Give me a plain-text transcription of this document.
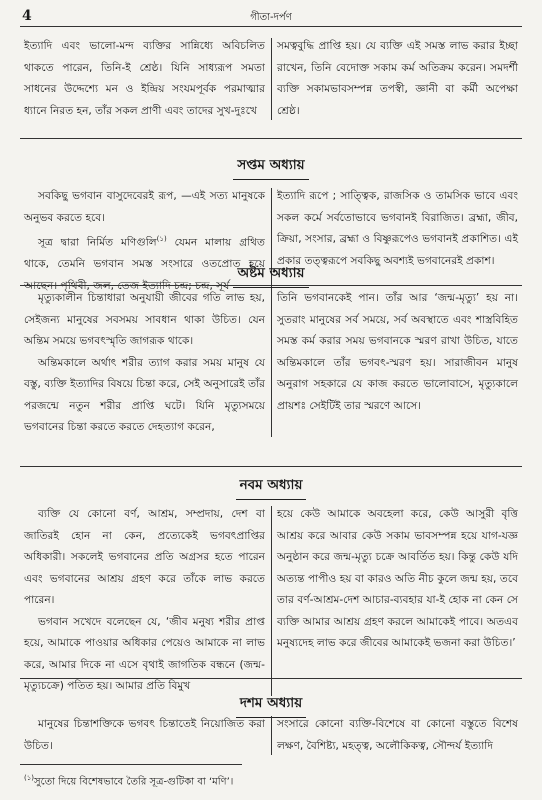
4	গীতা-দর্পণ

ইত্যাদি এবং ভালো-মন্দ ব্যক্তির সান্নিধ্যে অবিচলিত থাকতে পারেন, তিনি-ই শ্রেষ্ঠ। যিনি সাধ্যরূপ সমতা সাধনের উদ্দেশ্যে মন ও ইন্দ্রিয় সংযমপূর্বক পরমাত্মার ধ্যানে নিরত হন, তাঁর সকল প্রাণী এবং তাদের সুখ-দুঃখে

সমত্ববুদ্ধি প্রাপ্তি হয়। যে ব্যক্তি এই সমস্ত লাভ করার ইচ্ছা রাখেন, তিনি বেদোক্ত সকাম কর্ম অতিক্রম করেন। সমদর্শী ব্যক্তি সকামভাবসম্পন্ন তপস্বী, জ্ঞানী বা কর্মী অপেক্ষা শ্রেষ্ঠ।

সপ্তম অধ্যায়

সবকিছু ভগবান বাসুদেবেরই রূপ, —এই সত্য মানুষকে অনুভব করতে হবে।

সূত্র দ্বারা নির্মিত মণিগুলি$^{(১)}$ যেমন মালায় গ্রথিত থাকে, তেমনি ভগবান সমস্ত সংসারে ওতপ্রোত হয়ে আছেন। পৃথিবী, জল, তেজ ইত্যাদি চন্দ্র; চন্দ্র, সূর্য

ইত্যাদি রূপে ; সাত্ত্বিক, রাজসিক ও তামসিক ভাবে এবং সকল কর্মে সর্বতোভাবে ভগবানই বিরাজিত। ব্রহ্মা, জীব, ক্রিয়া, সংসার, ব্রহ্মা ও বিষ্ণুরূপেও ভগবানই প্রকাশিত। এই প্রকার তত্ত্বরূপে সবকিছু অবশ্যই ভগবানেরই প্রকাশ।

অষ্টম অধ্যায়

মৃত্যুকালীন চিন্তাধারা অনুযায়ী জীবের গতি লাভ হয়, সেইজন্য মানুষের সবসময় সাবধান থাকা উচিত। যেন অন্তিম সময়ে ভগবৎস্মৃতি জাগরূক থাকে।

অন্তিমকালে অর্থাৎ শরীর ত্যাগ করার সময় মানুষ যে বস্তু, ব্যক্তি ইত্যাদির বিষয়ে চিন্তা করে, সেই অনুসারেই তাঁর পরজন্মে নতুন শরীর প্রাপ্তি ঘটে। যিনি মৃত্যুসময়ে ভগবানের চিন্তা করতে করতে দেহত্যাগ করেন,

তিনি ভগবানকেই পান। তাঁর আর ‘জন্ম-মৃত্যু’ হয় না। সুতরাং মানুষের সর্ব সময়ে, সর্ব অবস্থাতে এবং শাস্ত্রবিহিত সমস্ত কর্ম করার সময় ভগবানকে স্মরণ রাখা উচিত, যাতে অন্তিমকালে তাঁর ভগবৎ-স্মরণ হয়। সারাজীবন মানুষ অনুরাগ সহকারে যে কাজ করতে ভালোবাসে, মৃত্যুকালে প্রায়শঃ সেইটিই তার স্মরণে আসে।

নবম অধ্যায়

ব্যক্তি যে কোনো বর্ণ, আশ্রম, সম্প্রদায়, দেশ বা জাতিরই হোন না কেন, প্রত্যেকেই ভগবৎপ্রাপ্তির অধিকারী। সকলেই ভগবানের প্রতি অগ্রসর হতে পারেন এবং ভগবানের আশ্রয় গ্রহণ করে তাঁকে লাভ করতে পারেন।

ভগবান সখেদে বলেছেন যে, ‘জীব মনুষ্য শরীর প্রাপ্ত হয়ে, আমাকে পাওয়ার অধিকার পেয়েও আমাকে না লাভ করে, আমার দিকে না এসে বৃথাই জাগতিক বন্ধনে (জন্ম-মৃত্যুচক্রে) পতিত হয়। আমার প্রতি বিমুখ

হয়ে কেউ আমাকে অবহেলা করে, কেউ আসুরী বৃত্তি আশ্রয় করে আবার কেউ সকাম ভাবসম্পন্ন হয়ে যাগ-যজ্ঞ অনুষ্ঠান করে জন্ম-মৃত্যু চক্রে আবর্তিত হয়। কিন্তু কেউ যদি অত্যন্ত পাপীও হয় বা কারও অতি নীচ কুলে জন্ম হয়, তবে তার বর্ণ-আশ্রম-দেশ আচার-ব্যবহার যা-ই হোক না কেন সে ব্যক্তি আমার আশ্রয় গ্রহণ করলে আমাকেই পাবে। অতএব মনুষ্যদেহ লাভ করে জীবের আমাকেই ভজনা করা উচিত।’

দশম অধ্যায়

মানুষের চিন্তাশক্তিকে ভগবৎ চিন্তাতেই নিয়োজিত করা উচিত।

সংসারে কোনো ব্যক্তি-বিশেষে বা কোনো বস্তুতে বিশেষ লক্ষণ, বৈশিষ্ট্য, মহত্ত্ব, অলৌকিকত্ব, সৌন্দর্য ইত্যাদি

$^{(১)}$সুতো দিয়ে বিশেষভাবে তৈরি সূত্র-গুটিকা বা ‘মণি’।
